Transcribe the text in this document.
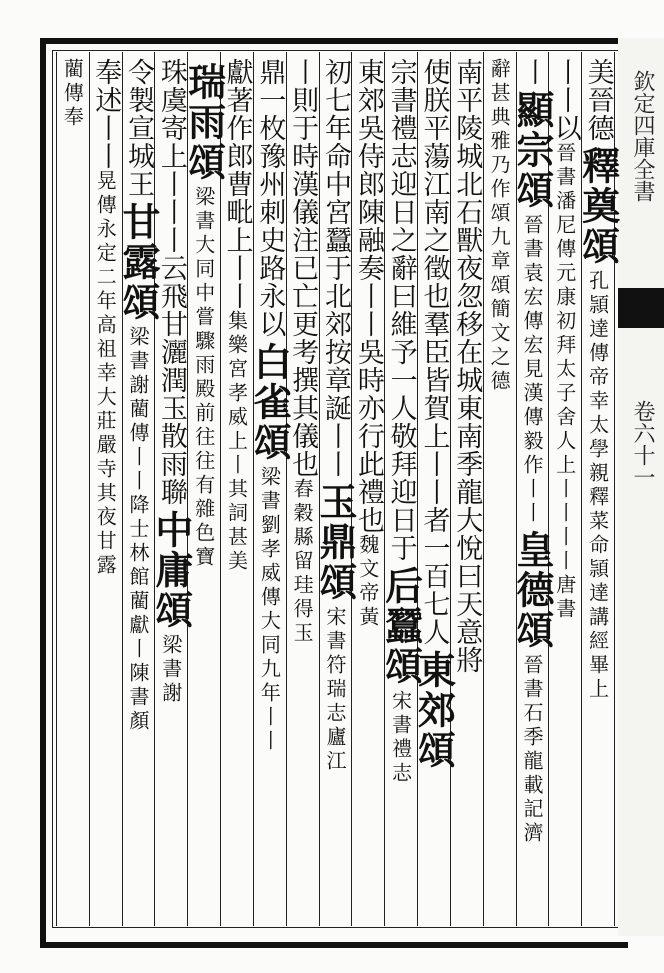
欽定四庫全書
卷六十一
美晉德
釋奠頌
孔頴達傳帝幸太學親釋菜命頴達講經畢上
丨丨以
晉書潘尼傳元康初拜太子舍人上丨丨丨丨唐書
丨
顯宗頌
晉書袁宏傳宏見漢傳毅作丨丨
皇德頌
晉書石季龍載記濟
辭甚典雅乃作頌九章頌簡文之德
南平陵城北石獸夜忽移在城東南季龍大悅曰天意將
使朕平蕩江南之徵也羣臣皆賀上丨丨者一百七人
東郊頌
宗書禮志迎日之辭曰維予一人敬拜迎日于
后蠶頌
宋書禮志
東郊吳侍郎陳融奏丨丨吳時亦行此禮也
魏文帝黃
初七年命中宮蠶于北郊按章誕丨丨
玉鼎頌
宋書符瑞志廬江
丨則于時漢儀注已亡更考撰其儀也
舂穀縣留珪得玉
鼎一枚豫州刺史路永以
白雀頌
梁書劉孝威傳大同九年丨丨
獻著作郎曹毗上丨丨
集樂宮孝威上丨其詞甚美
瑞雨頌
梁書大同中嘗驟雨殿前往往有雜色寶
珠虞寄上丨丨丨云飛甘灑潤玉散雨聯
中庸頌
梁書謝
令製宣城王
甘露頌
梁書謝藺傳丨丨降士林館藺獻丨陳書顏
奉述丨丨
晃傳永定二年高祖幸大莊嚴寺其夜甘露
藺傳奉
